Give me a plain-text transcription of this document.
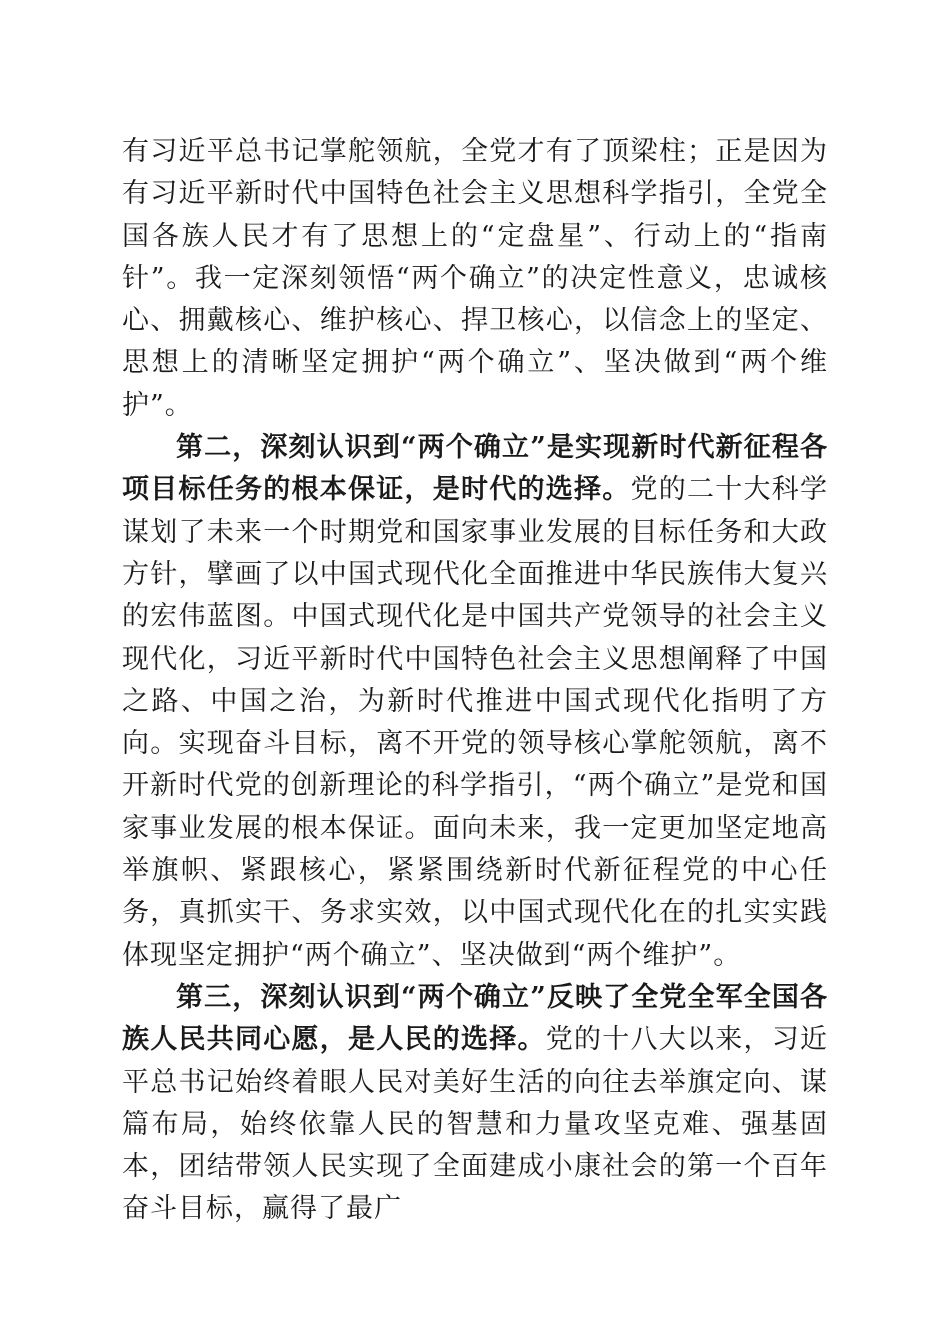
有习近平总书记掌舵领航，全党才有了顶梁柱；正是因为有习近平新时代中国特色社会主义思想科学指引，全党全国各族人民才有了思想上的“定盘星”、行动上的“指南针”。我一定深刻领悟“两个确立”的决定性意义，忠诚核心、拥戴核心、维护核心、捍卫核心，以信念上的坚定、思想上的清晰坚定拥护“两个确立”、坚决做到“两个维护”。

第二，深刻认识到“两个确立”是实现新时代新征程各项目标任务的根本保证，是时代的选择。党的二十大科学谋划了未来一个时期党和国家事业发展的目标任务和大政方针，擘画了以中国式现代化全面推进中华民族伟大复兴的宏伟蓝图。中国式现代化是中国共产党领导的社会主义现代化，习近平新时代中国特色社会主义思想阐释了中国之路、中国之治，为新时代推进中国式现代化指明了方向。实现奋斗目标，离不开党的领导核心掌舵领航，离不开新时代党的创新理论的科学指引，“两个确立”是党和国家事业发展的根本保证。面向未来，我一定更加坚定地高举旗帜、紧跟核心，紧紧围绕新时代新征程党的中心任务，真抓实干、务求实效，以中国式现代化在的扎实实践体现坚定拥护“两个确立”、坚决做到“两个维护”。

第三，深刻认识到“两个确立”反映了全党全军全国各族人民共同心愿，是人民的选择。党的十八大以来，习近平总书记始终着眼人民对美好生活的向往去举旗定向、谋篇布局，始终依靠人民的智慧和力量攻坚克难、强基固本，团结带领人民实现了全面建成小康社会的第一个百年奋斗目标，赢得了最广
